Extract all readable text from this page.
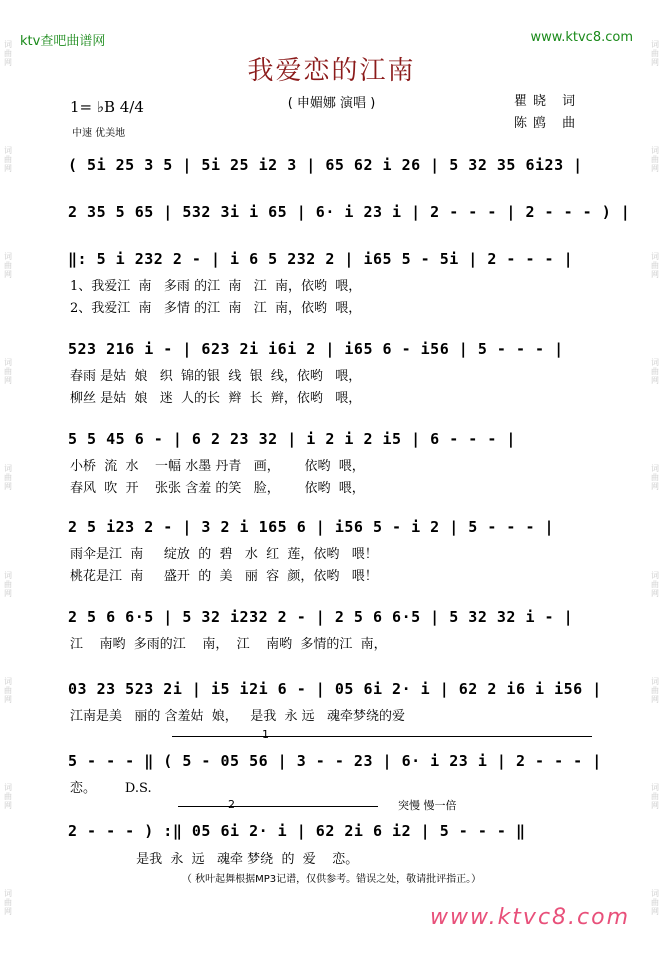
词曲网
词曲网
词曲网
词曲网
词曲网
词曲网
词曲网
词曲网
词曲网
词曲网
词曲网
词曲网
词曲网
词曲网
词曲网
词曲网
词曲网
词曲网
ktv查吧曲谱网	www.ktvc8.com
我爱恋的江南
( 申媚娜 演唱 )
1= ♭B 4/4
中速 优美地
瞿晓 词
陈鸥 曲
( 5i 25 3 5 | 5i 25 i2 3 | 65 62 i 26 | 5 32 35 6i23 |
2 35 5 65 | 532 3i i 65 | 6· i 23 i | 2 - - - | 2 - - - ) |
‖: 5 i 232 2 - | i 6 5 232 2 | i65 5 - 5i | 2 - - - |
1、我爱江  南   多雨 的江  南   江  南，依哟  喂，
2、我爱江  南   多情 的江  南   江  南，依哟  喂，
523 216 i - | 623 2i i6i 2 | i65 6 - i56 | 5 - - - |
春雨 是姑  娘   织  锦的银  线  银  线，依哟   喂，
柳丝 是姑  娘   迷  人的长  辫  长  辫，依哟   喂，
5 5 45 6 - | 6 2 23 32 | i 2 i 2 i5 | 6 - - - |
小桥  流  水    一幅 水墨 丹青   画，      依哟  喂，
春风  吹  开    张张 含羞 的笑   脸，      依哟  喂，
2 5 i23 2 - | 3 2 i 165 6 | i56 5 - i 2 | 5 - - - |
雨伞是江  南     绽放  的  碧   水  红  莲，依哟   喂！
桃花是江  南     盛开  的  美   丽  容  颜，依哟   喂！
2 5 6 6·5 | 5 32 i232 2 - | 2 5 6 6·5 | 5 32 32 i - |
江    南哟  多雨的江    南，  江    南哟  多情的江  南，
03 23 523 2i | i5 i2i 6 - | 05 6i 2· i | 62 2 i6 i i56 |
江南是美   丽的 含羞姑  娘，   是我  永 远   魂牵梦绕的爱
1
5 - - - ‖ ( 5 - 05 56 | 3 - - 23 | 6· i 23 i | 2 - - - |
恋。       D.S.
2	突慢 慢一倍
2 - - - ) :‖ 05 6i 2· i | 62 2i 6 i2 | 5 - - - ‖
是我  永  远   魂牵 梦绕  的  爱    恋。
（ 秋叶起舞根据MP3记谱，仅供参考。错误之处，敬请批评指正。）
www.ktvc8.com
